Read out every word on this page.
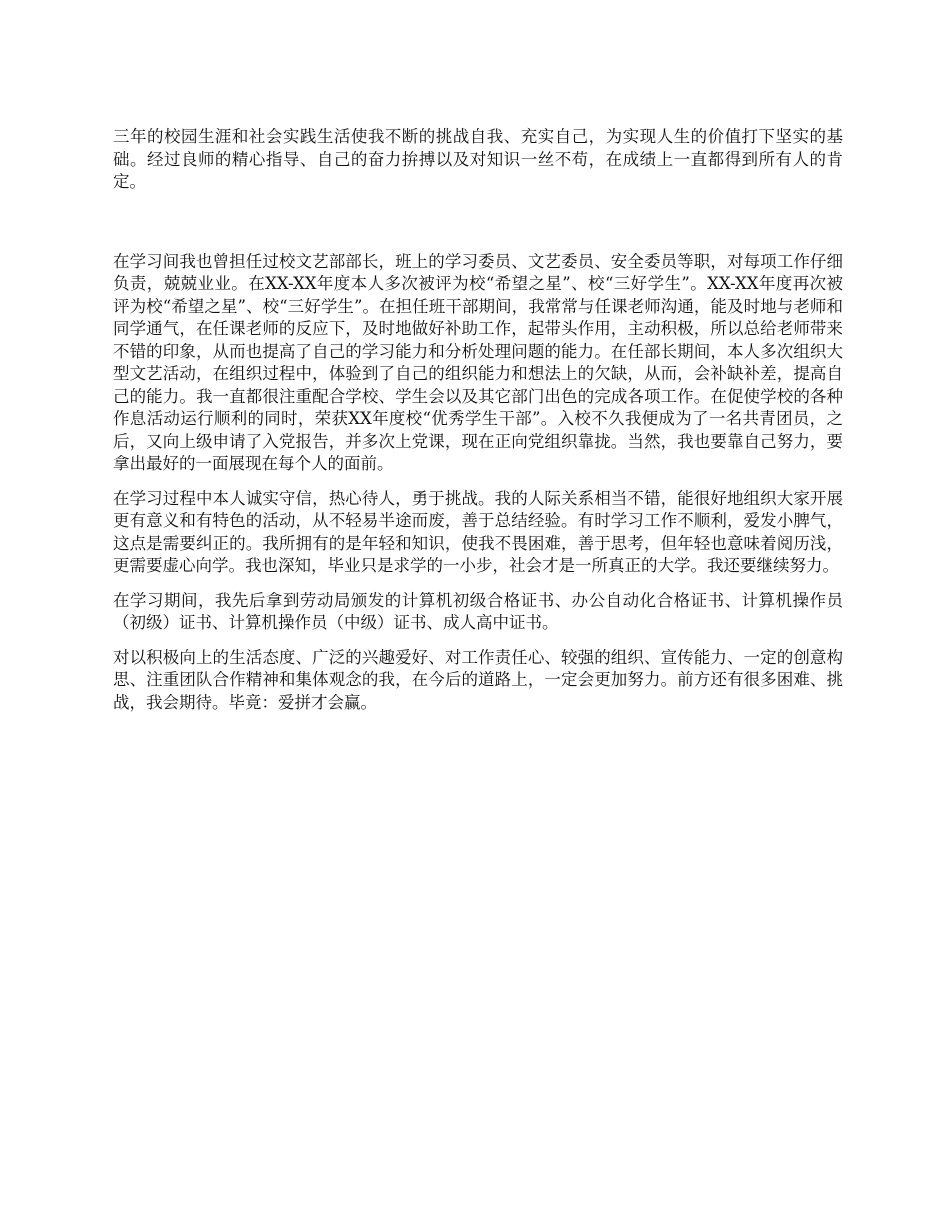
三年的校园生涯和社会实践生活使我不断的挑战自我、充实自己，为实现人生的价值打下坚实的基础。经过良师的精心指导、自己的奋力拚搏以及对知识一丝不苟，在成绩上一直都得到所有人的肯定。

在学习间我也曾担任过校文艺部部长，班上的学习委员、文艺委员、安全委员等职，对每项工作仔细负责，兢兢业业。在XX-XX年度本人多次被评为校“希望之星”、校“三好学生”。XX-XX年度再次被评为校“希望之星”、校“三好学生”。在担任班干部期间，我常常与任课老师沟通，能及时地与老师和同学通气，在任课老师的反应下，及时地做好补助工作，起带头作用，主动积极，所以总给老师带来不错的印象，从而也提高了自己的学习能力和分析处理问题的能力。在任部长期间，本人多次组织大型文艺活动，在组织过程中，体验到了自己的组织能力和想法上的欠缺，从而，会补缺补差，提高自己的能力。我一直都很注重配合学校、学生会以及其它部门出色的完成各项工作。在促使学校的各种作息活动运行顺利的同时，荣获XX年度校“优秀学生干部”。入校不久我便成为了一名共青团员，之后，又向上级申请了入党报告，并多次上党课，现在正向党组织靠拢。当然，我也要靠自己努力，要拿出最好的一面展现在每个人的面前。

在学习过程中本人诚实守信，热心待人，勇于挑战。我的人际关系相当不错，能很好地组织大家开展更有意义和有特色的活动，从不轻易半途而废，善于总结经验。有时学习工作不顺利，爱发小脾气，这点是需要纠正的。我所拥有的是年轻和知识，使我不畏困难，善于思考，但年轻也意味着阅历浅，更需要虚心向学。我也深知，毕业只是求学的一小步，社会才是一所真正的大学。我还要继续努力。

在学习期间，我先后拿到劳动局颁发的计算机初级合格证书、办公自动化合格证书、计算机操作员（初级）证书、计算机操作员（中级）证书、成人高中证书。

对以积极向上的生活态度、广泛的兴趣爱好、对工作责任心、较强的组织、宣传能力、一定的创意构思、注重团队合作精神和集体观念的我，在今后的道路上，一定会更加努力。前方还有很多困难、挑战，我会期待。毕竟：爱拼才会赢。
